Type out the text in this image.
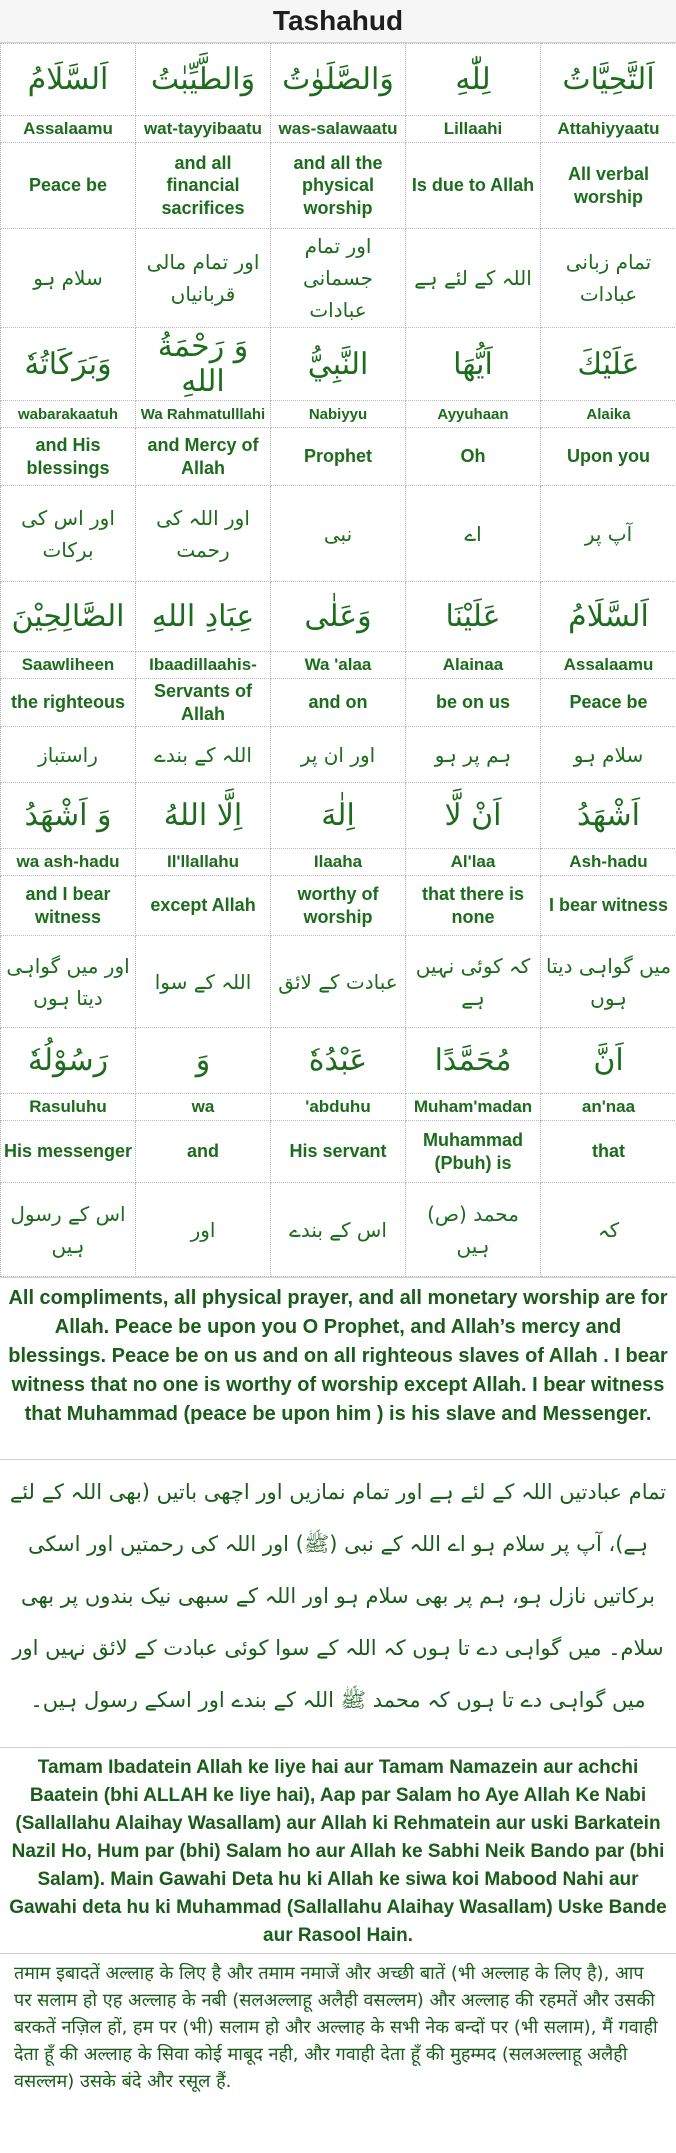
Tashahud
اَلسَّلَامُ	وَالطَّيِّبٰتُ	وَالصَّلَوٰتُ	لِلّٰهِ	اَلتَّحِيَّاتُ
Assalaamu	wat-tayyibaatu	was-salawaatu	Lillaahi	Attahiyyaatu
Peace be	and all financial sacrifices	and all the physical worship	Is due to Allah	All verbal worship
سلام ہو	اور تمام مالی قربانیاں	اور تمام جسمانی عبادات	اللہ کے لئے ہے	تمام زبانی عبادات
وَبَرَكَاتُهٗ	وَ رَحْمَةُ اللهِ	النَّبِيُّ	اَيُّهَا	عَلَيْكَ
wabarakaatuh	Wa Rahmatulllahi	Nabiyyu	Ayyuhaan	Alaika
and His blessings	and Mercy of Allah	Prophet	Oh	Upon you
اور اس کی برکات	اور اللہ کی رحمت	نبی	اے	آپ پر
الصَّالِحِيْنَ	عِبَادِ اللهِ	وَعَلٰى	عَلَيْنَا	اَلسَّلَامُ
Saawliheen	Ibaadillaahis-	Wa 'alaa	Alainaa	Assalaamu
the righteous	Servants of Allah	and on	be on us	Peace be
راستباز	اللہ کے بندے	اور ان پر	ہم پر ہو	سلام ہو
وَ اَشْهَدُ	اِلَّا اللهُ	اِلٰهَ	اَنْ لَّا	اَشْهَدُ
wa ash-hadu	Il'llallahu	Ilaaha	Al'laa	Ash-hadu
and I bear witness	except Allah	worthy of worship	that there is none	I bear witness
اور میں گواہی دیتا ہوں	اللہ کے سوا	عبادت کے لائق	کہ کوئی نہیں ہے	میں گواہی دیتا ہوں
رَسُوْلُهٗ	وَ	عَبْدُهٗ	مُحَمَّدًا	اَنَّ
Rasuluhu	wa	'abduhu	Muham'madan	an'naa
His messenger	and	His servant	Muhammad (Pbuh) is	that
اس کے رسول ہیں	اور	اس کے بندے	محمد (ص) ہیں	کہ
All compliments, all physical prayer, and all monetary worship are for Allah. Peace be upon you O Prophet, and Allah’s mercy and blessings. Peace be on us and on all righteous slaves of Allah . I bear witness that no one is worthy of worship except Allah. I bear witness that Muhammad (peace be upon him ) is his slave and Messenger.
تمام عبادتیں اللہ کے لئے ہے اور تمام نمازیں اور اچھی باتیں (بھی اللہ کے لئے ہے)، آپ پر سلام ہو اے اللہ کے نبی (ﷺ) اور اللہ کی رحمتیں اور اسکی برکاتیں نازل ہو، ہم پر بھی سلام ہو اور اللہ کے سبھی نیک بندوں پر بھی سلام۔ میں گواہی دے تا ہوں کہ اللہ کے سوا کوئی عبادت کے لائق نہیں اور میں گواہی دے تا ہوں کہ محمد ﷺ اللہ کے بندے اور اسکے رسول ہیں۔
Tamam Ibadatein Allah ke liye hai aur Tamam Namazein aur achchi Baatein (bhi ALLAH ke liye hai), Aap par Salam ho Aye Allah Ke Nabi (Sallallahu Alaihay Wasallam) aur Allah ki Rehmatein aur uski Barkatein Nazil Ho, Hum par (bhi) Salam ho aur Allah ke Sabhi Neik Bando par (bhi Salam). Main Gawahi Deta hu ki Allah ke siwa koi Mabood Nahi aur Gawahi deta hu ki Muhammad (Sallallahu Alaihay Wasallam) Uske Bande aur Rasool Hain.
तमाम इबादतें अल्लाह के लिए है और तमाम नमाजें और अच्छी बातें (भी अल्लाह के लिए है), आप पर सलाम हो एह अल्लाह के नबी (सलअल्लाहू अलैही वसल्लम) और अल्लाह की रहमतें और उसकी बरकतें नज़िल हों, हम पर (भी) सलाम हो और अल्लाह के सभी नेक बन्दों पर (भी सलाम), मैं गवाही देता हूँ की अल्लाह के सिवा कोई माबूद नही, और गवाही देता हूँ की मुहम्मद (सलअल्लाहू अलैही वसल्लम) उसके बंदे और रसूल हैं.
